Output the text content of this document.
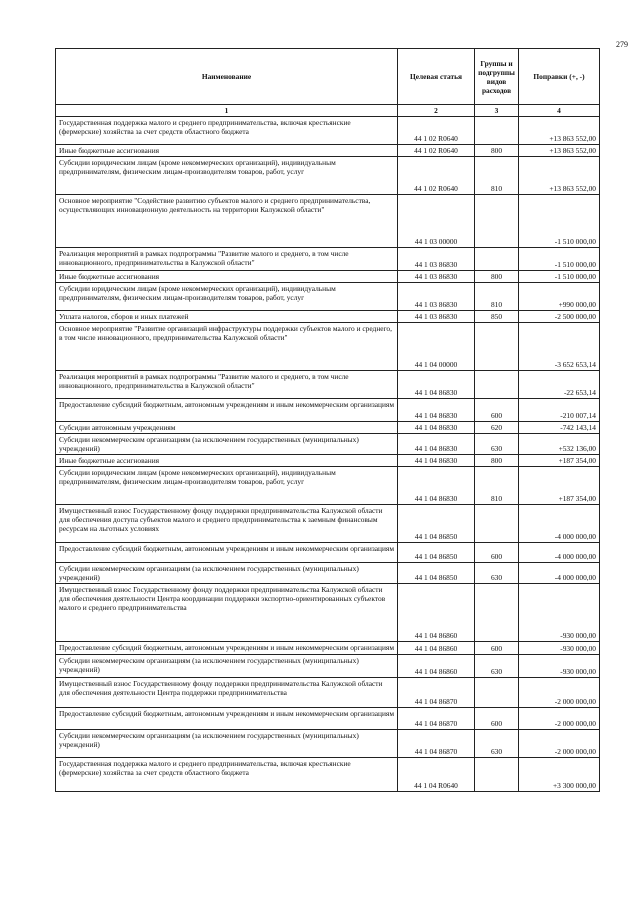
279
Наименование	Целевая статья	Группы и подгруппы видов расходов	Поправки (+, -)
1	2	3	4
Государственная поддержка малого и среднего предпринимательства, включая крестьянские (фермерские) хозяйства за счет средств областного бюджета	44 1 02 R0640		+13 863 552,00
Иные бюджетные ассигнования	44 1 02 R0640	800	+13 863 552,00
Субсидии юридическим лицам (кроме некоммерческих организаций), индивидуальным предпринимателям, физическим лицам-производителям товаров, работ, услуг	44 1 02 R0640	810	+13 863 552,00
Основное мероприятие "Содействие развитию субъектов малого и среднего предпринимательства, осуществляющих инновационную деятельность на территории Калужской области"	44 1 03 00000		-1 510 000,00
Реализация мероприятий в рамках подпрограммы "Развитие малого и среднего, в том числе инновационного, предпринимательства в Калужской области"	44 1 03 86830		-1 510 000,00
Иные бюджетные ассигнования	44 1 03 86830	800	-1 510 000,00
Субсидии юридическим лицам (кроме некоммерческих организаций), индивидуальным предпринимателям, физическим лицам-производителям товаров, работ, услуг	44 1 03 86830	810	+990 000,00
Уплата налогов, сборов и иных платежей	44 1 03 86830	850	-2 500 000,00
Основное мероприятие "Развитие организаций инфраструктуры поддержки субъектов малого и среднего, в том числе инновационного, предпринимательства Калужской области"	44 1 04 00000		-3 652 653,14
Реализация мероприятий в рамках подпрограммы "Развитие малого и среднего, в том числе инновационного, предпринимательства в Калужской области"	44 1 04 86830		-22 653,14
Предоставление субсидий бюджетным, автономным учреждениям и иным некоммерческим организациям	44 1 04 86830	600	-210 007,14
Субсидии автономным учреждениям	44 1 04 86830	620	-742 143,14
Субсидии некоммерческим организациям (за исключением государственных (муниципальных) учреждений)	44 1 04 86830	630	+532 136,00
Иные бюджетные ассигнования	44 1 04 86830	800	+187 354,00
Субсидии юридическим лицам (кроме некоммерческих организаций), индивидуальным предпринимателям, физическим лицам-производителям товаров, работ, услуг	44 1 04 86830	810	+187 354,00
Имущественный взнос Государственному фонду поддержки предпринимательства Калужской области для обеспечения доступа субъектов малого и среднего предпринимательства к заемным финансовым ресурсам на льготных условиях	44 1 04 86850		-4 000 000,00
Предоставление субсидий бюджетным, автономным учреждениям и иным некоммерческим организациям	44 1 04 86850	600	-4 000 000,00
Субсидии некоммерческим организациям (за исключением государственных (муниципальных) учреждений)	44 1 04 86850	630	-4 000 000,00
Имущественный взнос Государственному фонду поддержки предпринимательства Калужской области для обеспечения деятельности Центра координации поддержки экспортно-ориентированных субъектов малого и среднего предпринимательства	44 1 04 86860		-930 000,00
Предоставление субсидий бюджетным, автономным учреждениям и иным некоммерческим организациям	44 1 04 86860	600	-930 000,00
Субсидии некоммерческим организациям (за исключением государственных (муниципальных) учреждений)	44 1 04 86860	630	-930 000,00
Имущественный взнос Государственному фонду поддержки предпринимательства Калужской области для обеспечения деятельности Центра поддержки предпринимательства	44 1 04 86870		-2 000 000,00
Предоставление субсидий бюджетным, автономным учреждениям и иным некоммерческим организациям	44 1 04 86870	600	-2 000 000,00
Субсидии некоммерческим организациям (за исключением государственных (муниципальных) учреждений)	44 1 04 86870	630	-2 000 000,00
Государственная поддержка малого и среднего предпринимательства, включая крестьянские (фермерские) хозяйства за счет средств областного бюджета	44 1 04 R0640		+3 300 000,00
